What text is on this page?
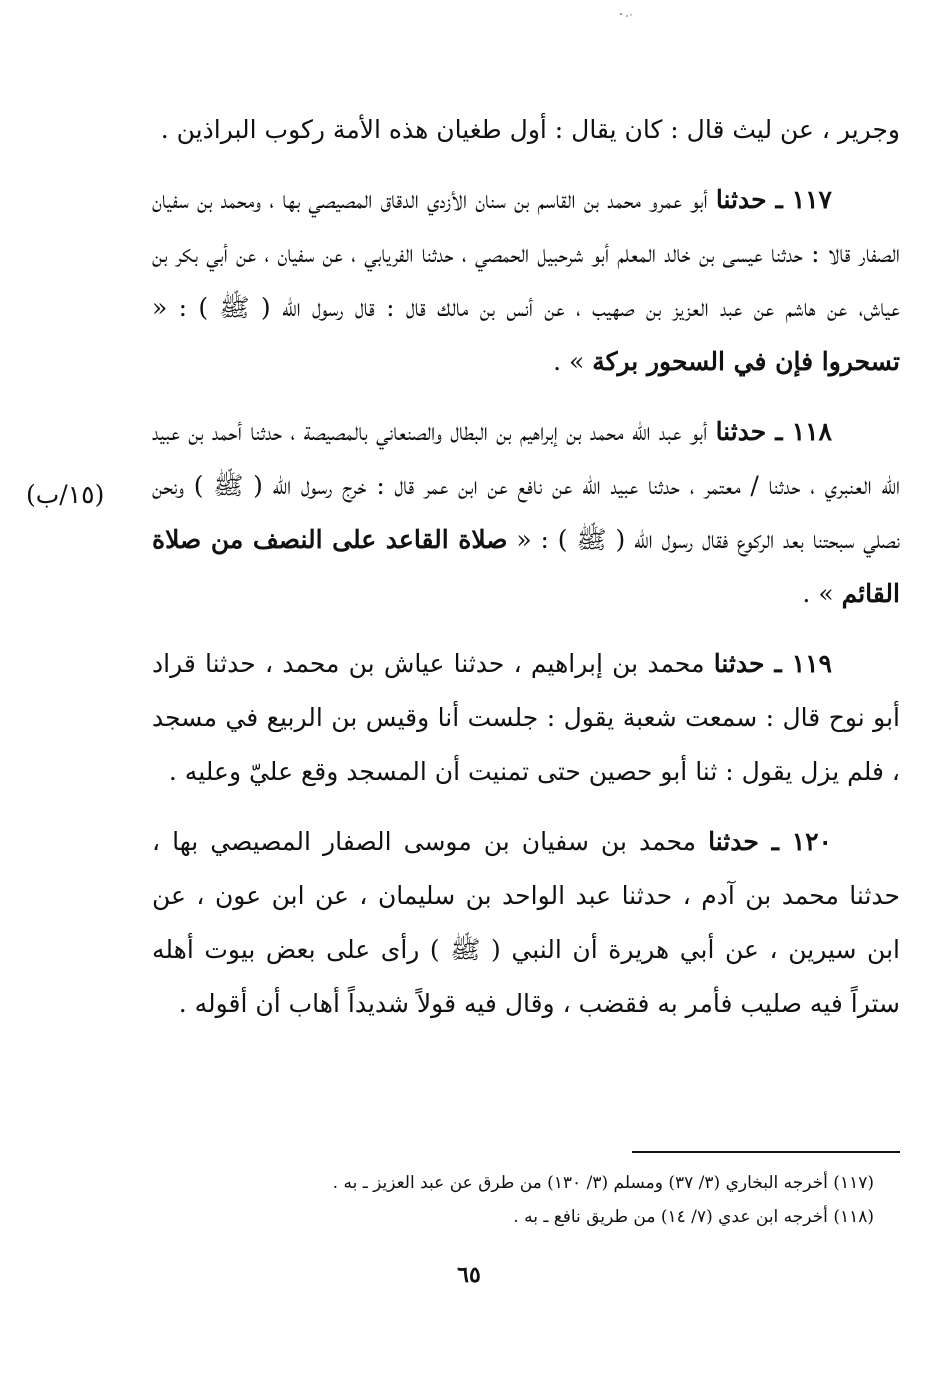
وجرير ، عن ليث قال : كان يقال : أول طغيان هذه الأمة ركوب البراذين .

١١٧ ـ حدثنا أبو عمرو محمد بن القاسم بن سنان الأزدي الدقاق المصيصي بها ، ومحمد بن سفيان الصفار قالا : حدثنا عيسى بن خالد المعلم أبو شرحبيل الحمصي ، حدثنا الفريابي ، عن سفيان ، عن أبي بكر بن عياش، عن هاشم عن عبد العزيز بن صهيب ، عن أنس بن مالك قال : قال رسول اللّه ( ﷺ ) : « تسحروا فإن في السحور بركة » .

١١٨ ـ حدثنا أبو عبد اللّه محمد بن إبراهيم بن البطال والصنعاني بالمصيصة ، حدثنا أحمد بن عبيد اللّه العنبري ، حدثنا / معتمر ، حدثنا عبيد اللّه عن نافع عن ابن عمر قال : خرج رسول اللّه ( ﷺ ) ونحن نصلي سبحتنا بعد الركوع فقال رسول اللّه ( ﷺ ) : « صلاة القاعد على النصف من صلاة القائم » .

١١٩ ـ حدثنا محمد بن إبراهيم ، حدثنا عياش بن محمد ، حدثنا قراد أبو نوح قال : سمعت شعبة يقول : جلست أنا وقيس بن الربيع في مسجد ، فلم يزل يقول : ثنا أبو حصين حتى تمنيت أن المسجد وقع عليّ وعليه .

١٢٠ ـ حدثنا محمد بن سفيان بن موسى الصفار المصيصي بها ، حدثنا محمد بن آدم ، حدثنا عبد الواحد بن سليمان ، عن ابن عون ، عن ابن سيرين ، عن أبي هريرة أن النبي ( ﷺ ) رأى على بعض بيوت أهله ستراً فيه صليب فأمر به فقضب ، وقال فيه قولاً شديداً أهاب أن أقوله .

(١٥/ب)

(١١٧) أخرجه البخاري (٣/ ٣٧) ومسلم (٣/ ١٣٠) من طرق عن عبد العزيز ـ به .

(١١٨) أخرجه ابن عدي (٧/ ١٤) من طريق نافع ـ به .

٦٥
